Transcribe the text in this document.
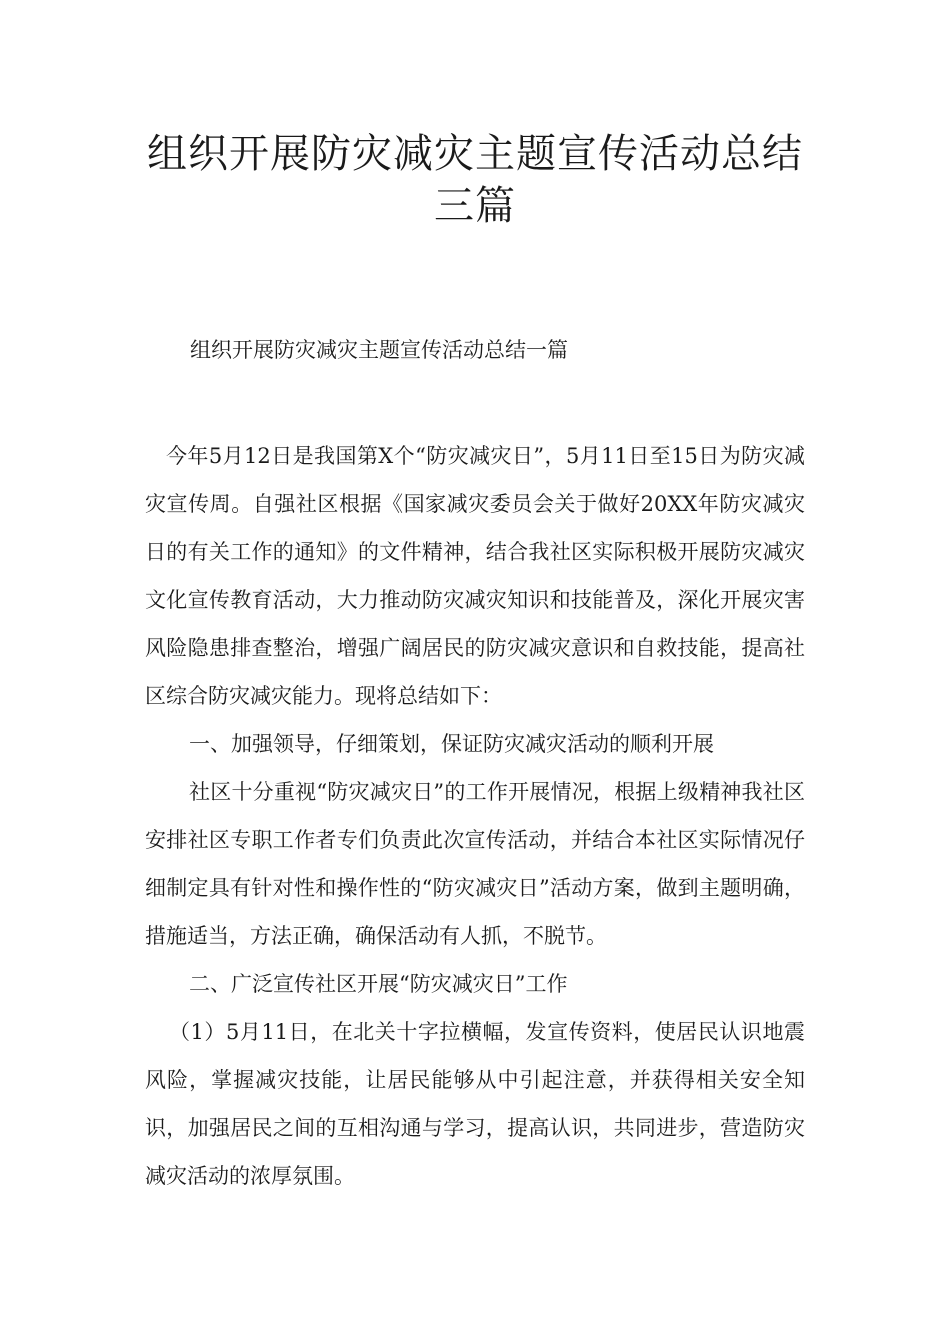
组织开展防灾减灾主题宣传活动总结三篇

组织开展防灾减灾主题宣传活动总结一篇

今年5月12日是我国第X个“防灾减灾日”，5月11日至15日为防灾减灾宣传周。自强社区根据《国家减灾委员会关于做好20XX年防灾减灾日的有关工作的通知》的文件精神，结合我社区实际积极开展防灾减灾文化宣传教育活动，大力推动防灾减灾知识和技能普及，深化开展灾害风险隐患排查整治，增强广阔居民的防灾减灾意识和自救技能，提高社区综合防灾减灾能力。现将总结如下：

一、加强领导，仔细策划，保证防灾减灾活动的顺利开展

社区十分重视“防灾减灾日”的工作开展情况，根据上级精神我社区安排社区专职工作者专们负责此次宣传活动，并结合本社区实际情况仔细制定具有针对性和操作性的“防灾减灾日”活动方案，做到主题明确，措施适当，方法正确，确保活动有人抓，不脱节。

二、广泛宣传社区开展“防灾减灾日”工作

（1）5月11日，在北关十字拉横幅，发宣传资料，使居民认识地震风险，掌握减灾技能，让居民能够从中引起注意，并获得相关安全知识，加强居民之间的互相沟通与学习，提高认识，共同进步，营造防灾减灾活动的浓厚氛围。
